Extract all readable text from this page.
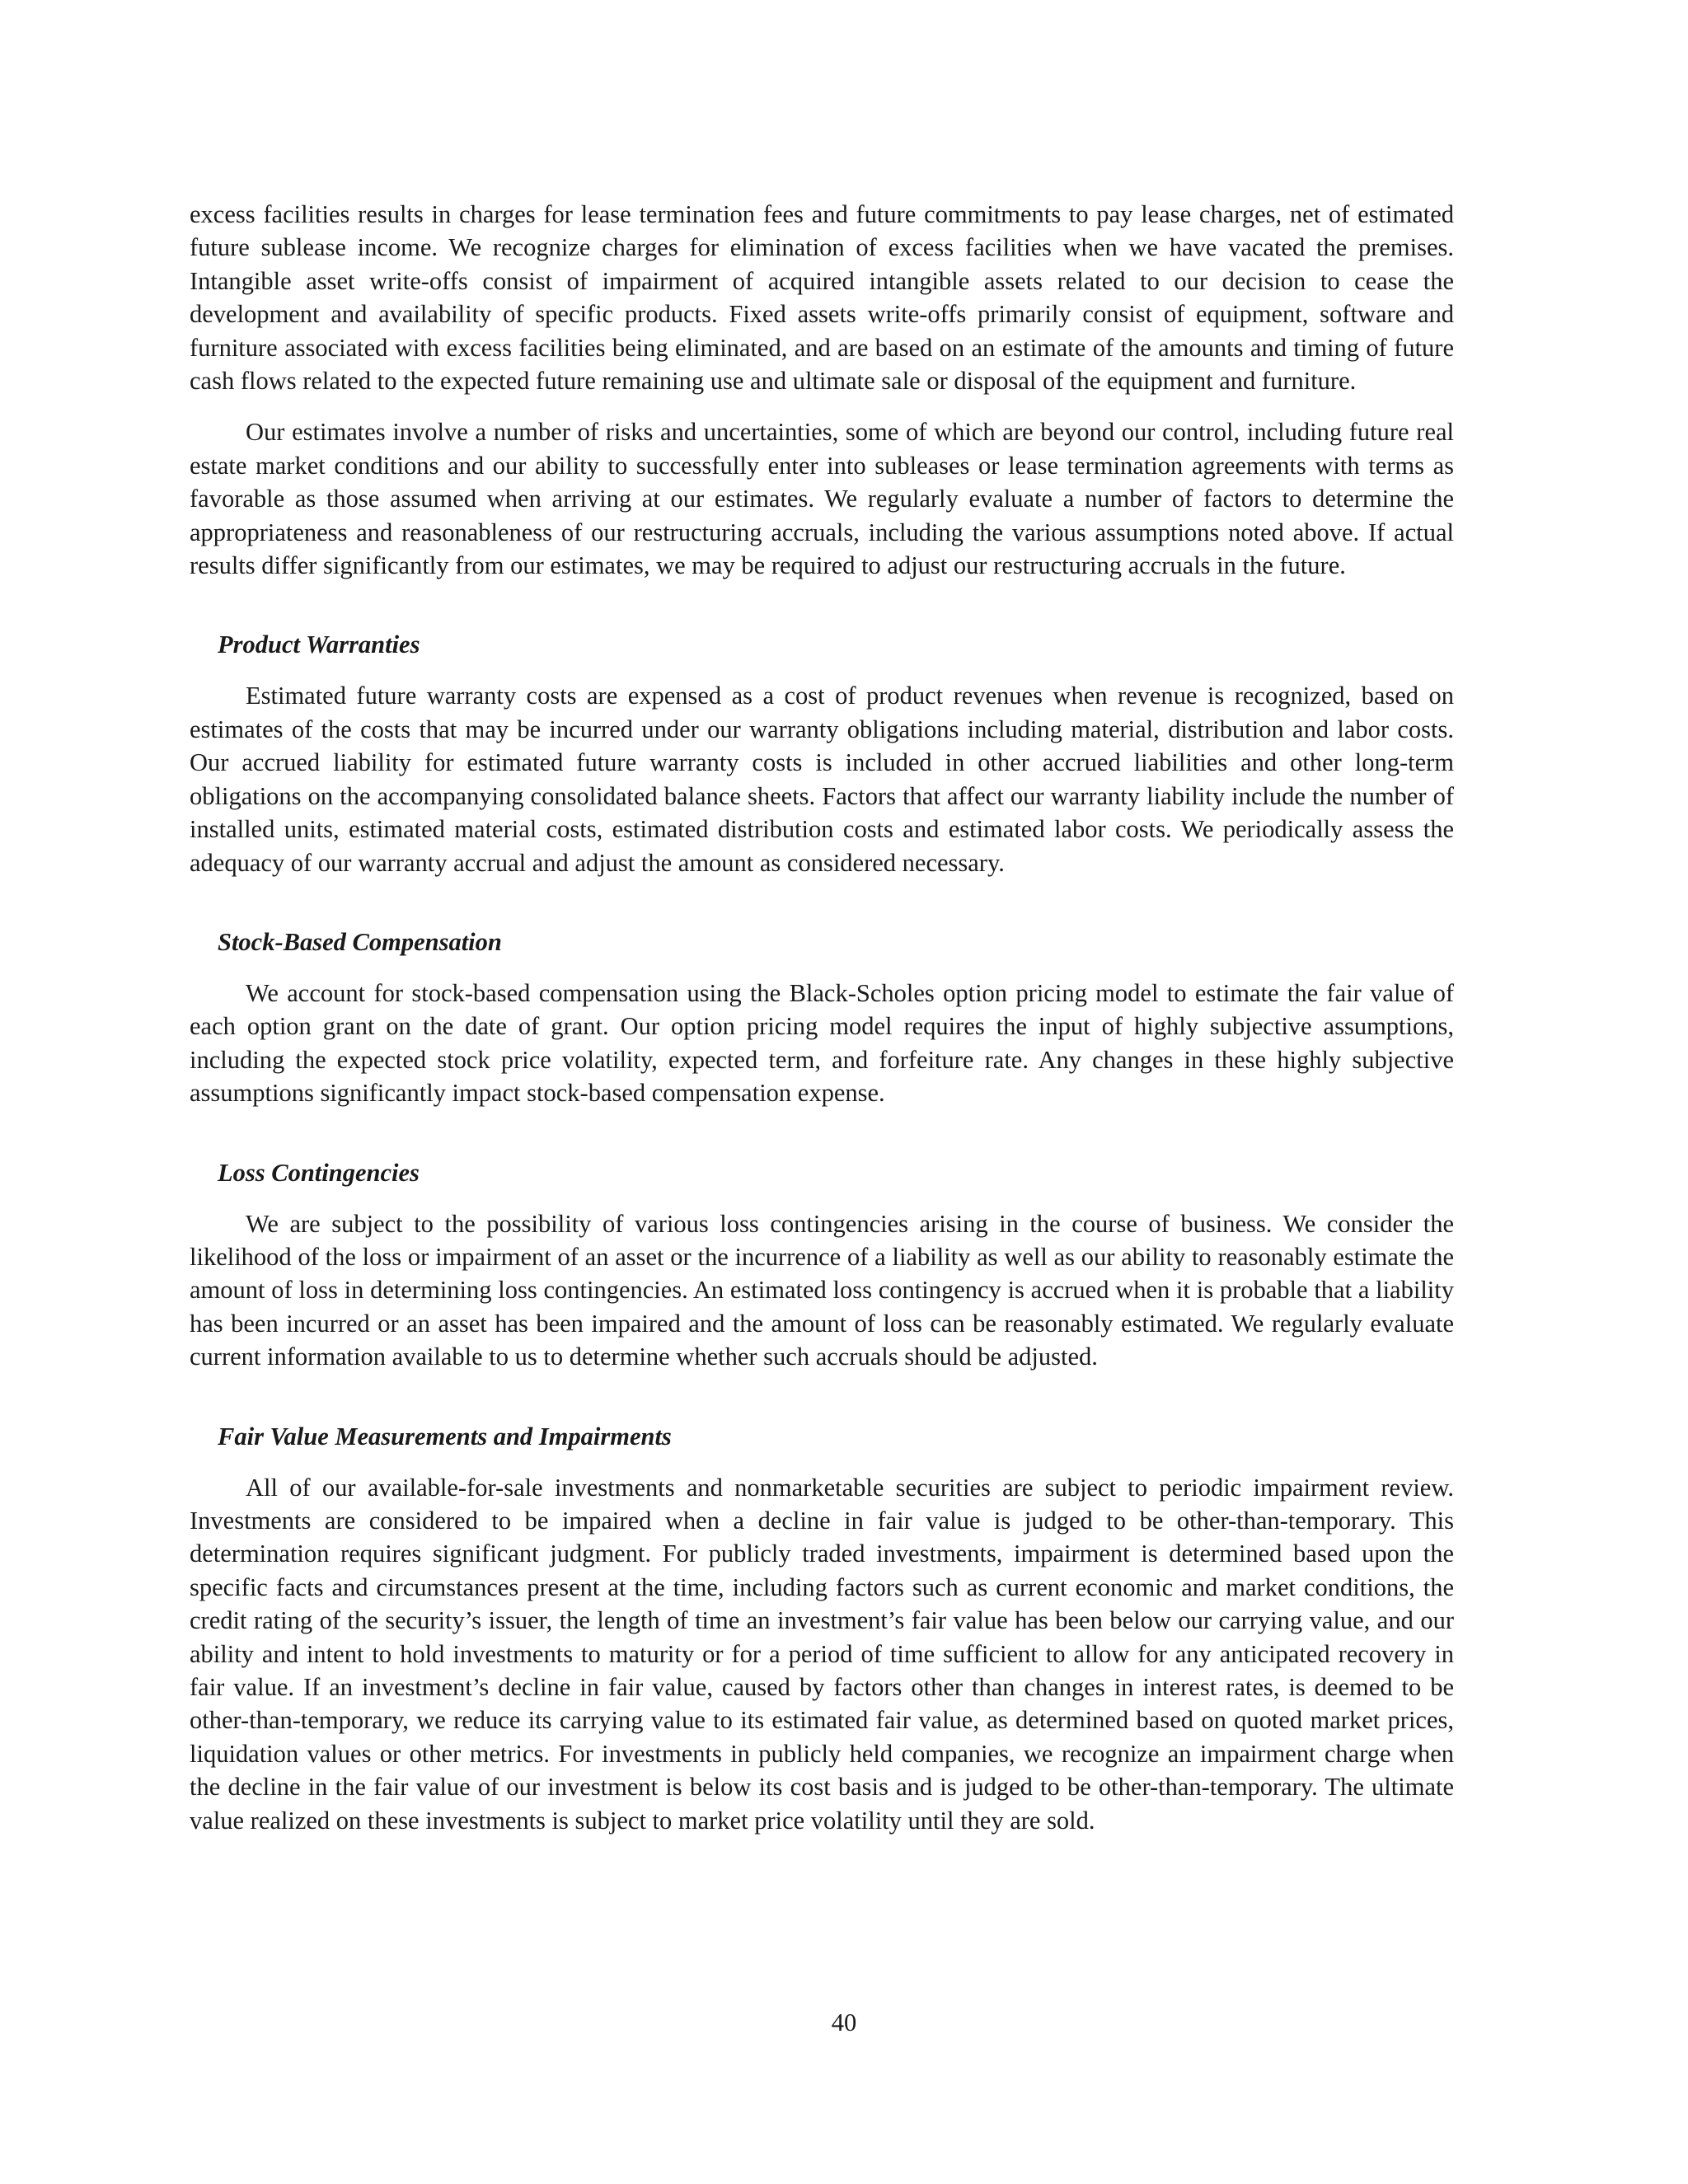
excess facilities results in charges for lease termination fees and future commitments to pay lease charges, net of estimated future sublease income. We recognize charges for elimination of excess facilities when we have vacated the premises. Intangible asset write-offs consist of impairment of acquired intangible assets related to our decision to cease the development and availability of specific products. Fixed assets write-offs primarily consist of equipment, software and furniture associated with excess facilities being eliminated, and are based on an estimate of the amounts and timing of future cash flows related to the expected future remaining use and ultimate sale or disposal of the equipment and furniture.

Our estimates involve a number of risks and uncertainties, some of which are beyond our control, including future real estate market conditions and our ability to successfully enter into subleases or lease termination agreements with terms as favorable as those assumed when arriving at our estimates. We regularly evaluate a number of factors to determine the appropriateness and reasonableness of our restructuring accruals, including the various assumptions noted above. If actual results differ significantly from our estimates, we may be required to adjust our restructuring accruals in the future.

Product Warranties

Estimated future warranty costs are expensed as a cost of product revenues when revenue is recognized, based on estimates of the costs that may be incurred under our warranty obligations including material, distribution and labor costs. Our accrued liability for estimated future warranty costs is included in other accrued liabilities and other long-term obligations on the accompanying consolidated balance sheets. Factors that affect our warranty liability include the number of installed units, estimated material costs, estimated distribution costs and estimated labor costs. We periodically assess the adequacy of our warranty accrual and adjust the amount as considered necessary.

Stock-Based Compensation

We account for stock-based compensation using the Black-Scholes option pricing model to estimate the fair value of each option grant on the date of grant. Our option pricing model requires the input of highly subjective assumptions, including the expected stock price volatility, expected term, and forfeiture rate. Any changes in these highly subjective assumptions significantly impact stock-based compensation expense.

Loss Contingencies

We are subject to the possibility of various loss contingencies arising in the course of business. We consider the likelihood of the loss or impairment of an asset or the incurrence of a liability as well as our ability to reasonably estimate the amount of loss in determining loss contingencies. An estimated loss contingency is accrued when it is probable that a liability has been incurred or an asset has been impaired and the amount of loss can be reasonably estimated. We regularly evaluate current information available to us to determine whether such accruals should be adjusted.

Fair Value Measurements and Impairments

All of our available-for-sale investments and nonmarketable securities are subject to periodic impairment review. Investments are considered to be impaired when a decline in fair value is judged to be other-than-temporary. This determination requires significant judgment. For publicly traded investments, impairment is determined based upon the specific facts and circumstances present at the time, including factors such as current economic and market conditions, the credit rating of the security’s issuer, the length of time an investment’s fair value has been below our carrying value, and our ability and intent to hold investments to maturity or for a period of time sufficient to allow for any anticipated recovery in fair value. If an investment’s decline in fair value, caused by factors other than changes in interest rates, is deemed to be other-than-temporary, we reduce its carrying value to its estimated fair value, as determined based on quoted market prices, liquidation values or other metrics. For investments in publicly held companies, we recognize an impairment charge when the decline in the fair value of our investment is below its cost basis and is judged to be other-than-temporary. The ultimate value realized on these investments is subject to market price volatility until they are sold.

40
